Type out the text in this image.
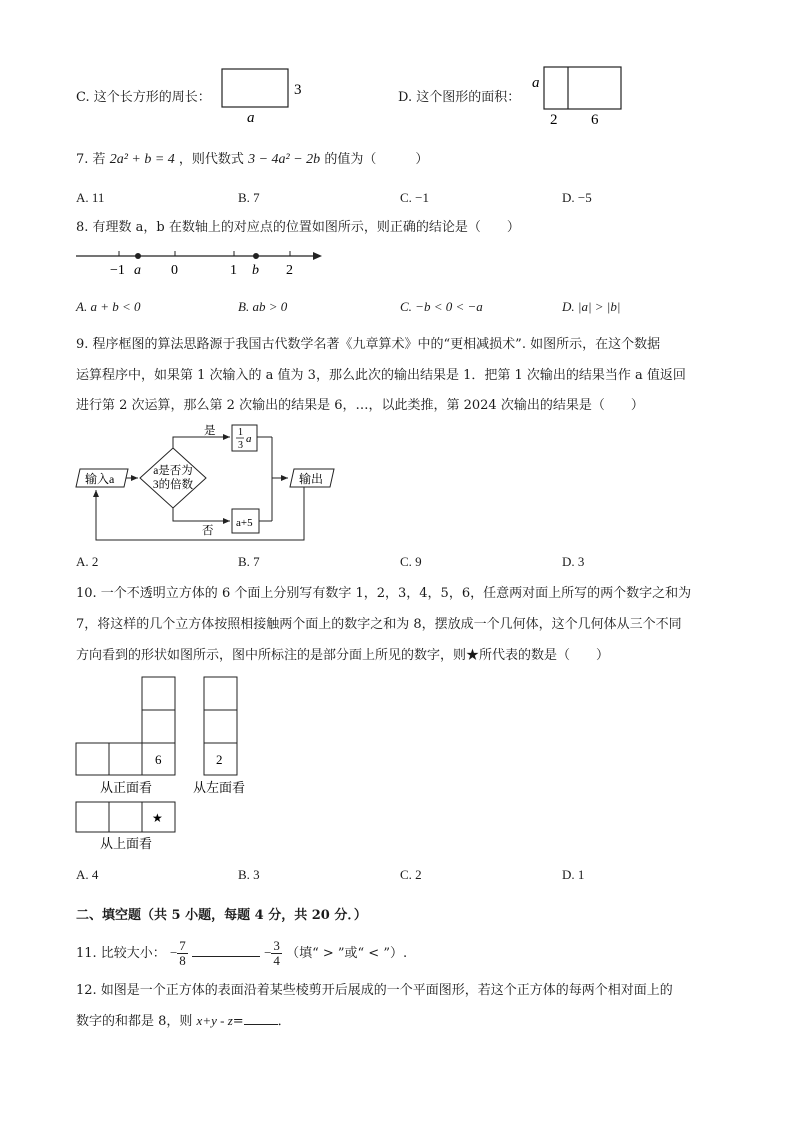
C. 这个长方形的周长：	3
a
D. 这个图形的面积：
a
2 6
7. 若 2a² + b = 4 ，则代数式 3 − 4a² − 2b 的值为（　　　）
A. 11	B. 7	C. −1	D. −5
8. 有理数 a，b 在数轴上的对应点的位置如图所示，则正确的结论是（　　）
−1 a 0	1 b 2
A. a + b < 0	B. ab > 0	C. −b < 0 < −a	D. |a| > |b|
9. 程序框图的算法思路源于我国古代数学名著《九章算术》中的“更相减损术”. 如图所示，在这个数据
运算程序中，如果第 1 次输入的 a 值为 3，那么此次的输出结果是 1．把第 1 次输出的结果当作 a 值返回
进行第 2 次运算，那么第 2 次输出的结果是 6，…，以此类推，第 2024 次输出的结果是（　　）
输入a
a是否为
3的倍数
是 1
3
a
否
a+5
输出
A. 2	B. 7	C. 9	D. 3
10. 一个不透明立方体的 6 个面上分别写有数字 1，2，3，4，5，6，任意两对面上所写的两个数字之和为
7，将这样的几个立方体按照相接触两个面上的数字之和为 8，摆放成一个几何体，这个几何体从三个不同
方向看到的形状如图所示，图中所标注的是部分面上所见的数字，则★所代表的数是（　　）
6
从正面看
2
从左面看
★
从上面看
A. 4	B. 3	C. 2	D. 1
二、填空题（共 5 小题，每题 4 分，共 20 分．）
11. 比较大小： − $\frac{7}{8}$	− $\frac{3}{4}$ （填“ > ”或“ < ”）.
12. 如图是一个正方体的表面沿着某些棱剪开后展成的一个平面图形，若这个正方体的每两个相对面上的
数字的和都是 8，则 x+y - z=	．
